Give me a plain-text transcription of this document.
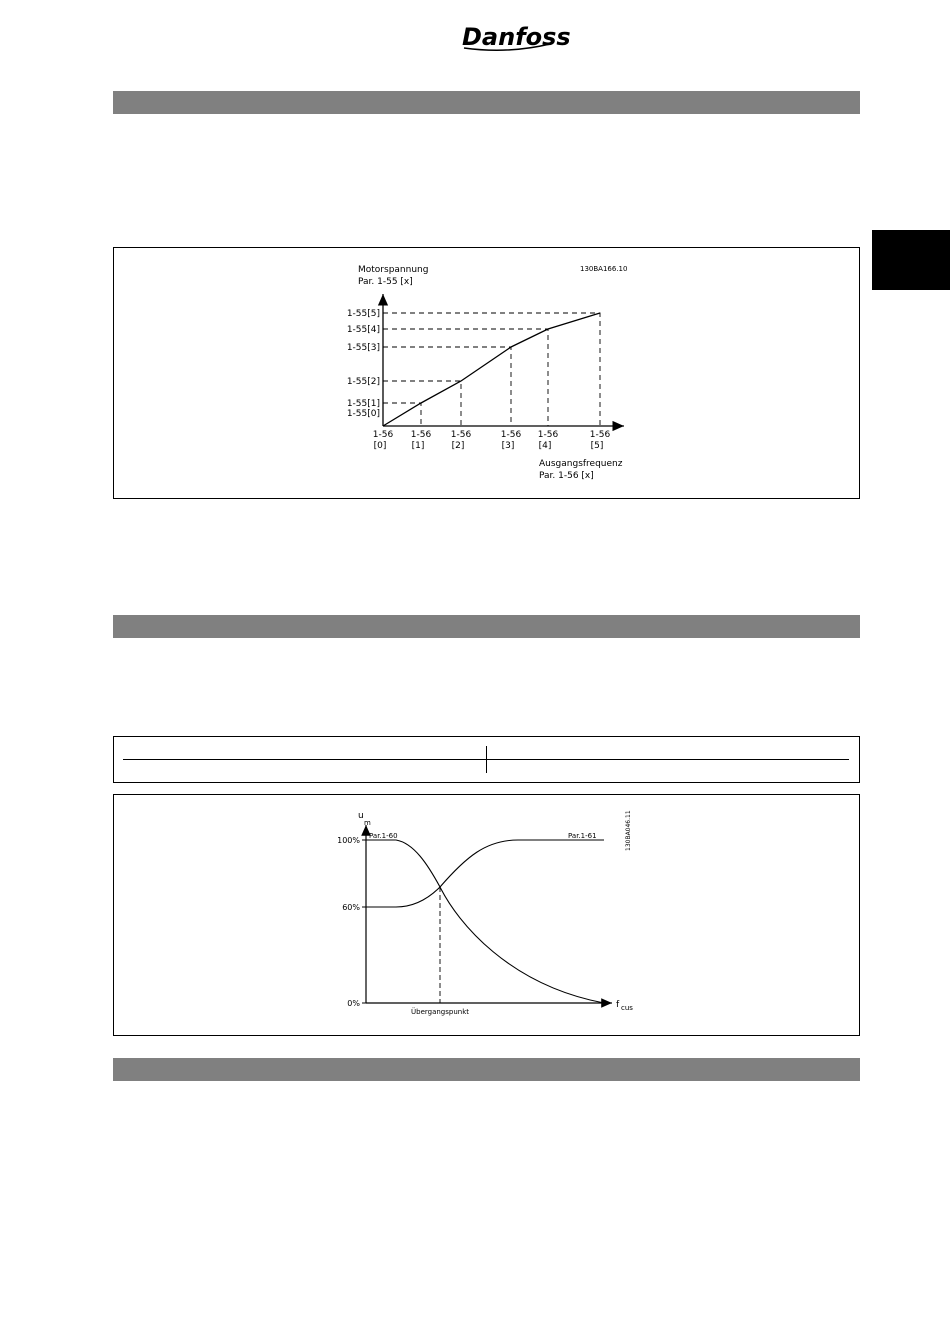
Danfoss
Motorspannung
Par. 1-55 [x]
130BA166.10
1-55[0]
1-55[1]
1-55[2]
1-55[3]
1-55[4]
1-55[5]
1-56
[0]
1-56
[1]
1-56
[2]
1-56
[3]
1-56
[4]
1-56
[5]
Ausgangsfrequenz
Par. 1-56 [x]
u
m	130BA046.11
f cus
100%
60%
0%
Par.1-60	Par.1-61
Übergangspunkt
